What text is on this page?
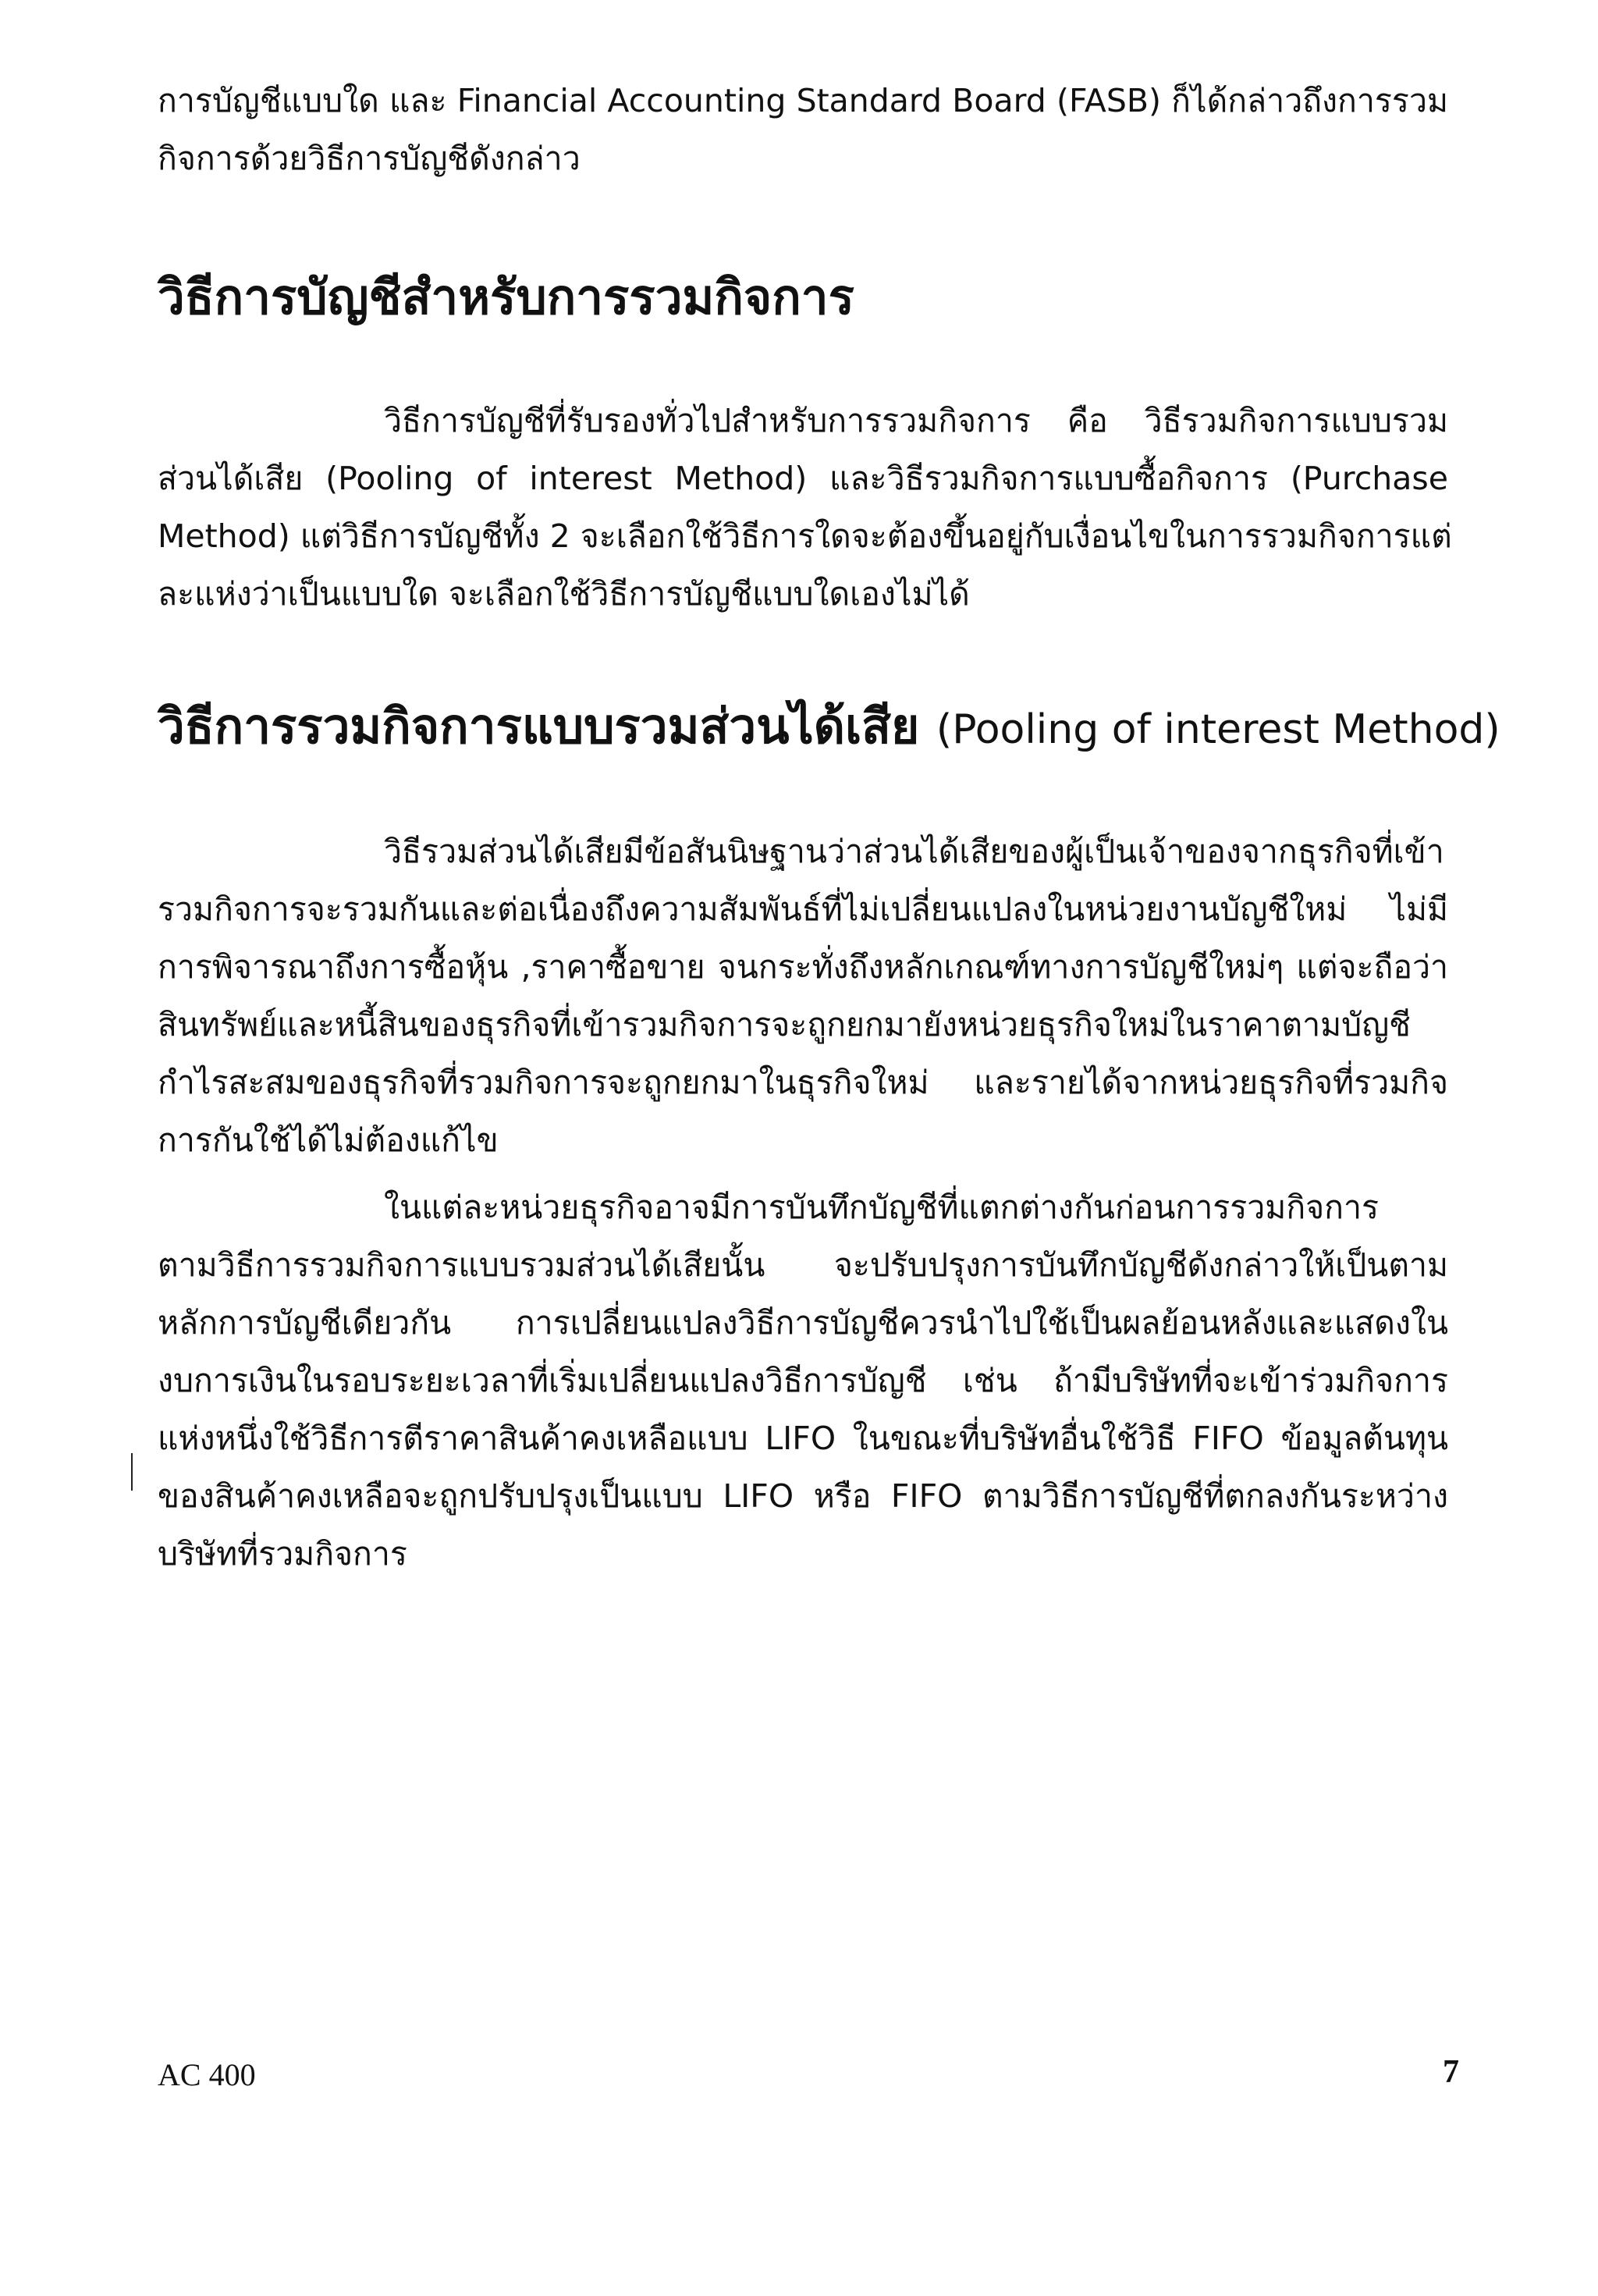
การบัญชีแบบใด และ Financial Accounting Standard Board (FASB) ก็ได้กล่าวถึงการรวม
กิจการด้วยวิธีการบัญชีดังกล่าว
วิธีการบัญชีสำหรับการรวมกิจการ
วิธีการบัญชีที่รับรองทั่วไปสำหรับการรวมกิจการ คือ วิธีรวมกิจการแบบรวม
ส่วนได้เสีย (Pooling of interest Method) และวิธีรวมกิจการแบบซื้อกิจการ (Purchase
Method) แต่วิธีการบัญชีทั้ง 2 จะเลือกใช้วิธีการใดจะต้องขึ้นอยู่กับเงื่อนไขในการรวมกิจการแต่
ละแห่งว่าเป็นแบบใด จะเลือกใช้วิธีการบัญชีแบบใดเองไม่ได้
วิธีการรวมกิจการแบบรวมส่วนได้เสีย (Pooling of interest Method)
วิธีรวมส่วนได้เสียมีข้อสันนิษฐานว่าส่วนได้เสียของผู้เป็นเจ้าของจากธุรกิจที่เข้า
รวมกิจการจะรวมกันและต่อเนื่องถึงความสัมพันธ์ที่ไม่เปลี่ยนแปลงในหน่วยงานบัญชีใหม่ ไม่มี
การพิจารณาถึงการซื้อหุ้น ,ราคาซื้อขาย จนกระทั่งถึงหลักเกณฑ์ทางการบัญชีใหม่ๆ แต่จะถือว่า
สินทรัพย์และหนี้สินของธุรกิจที่เข้ารวมกิจการจะถูกยกมายังหน่วยธุรกิจใหม่ในราคาตามบัญชี
กำไรสะสมของธุรกิจที่รวมกิจการจะถูกยกมาในธุรกิจใหม่ และรายได้จากหน่วยธุรกิจที่รวมกิจ
การกันใช้ได้ไม่ต้องแก้ไข
ในแต่ละหน่วยธุรกิจอาจมีการบันทึกบัญชีที่แตกต่างกันก่อนการรวมกิจการ
ตามวิธีการรวมกิจการแบบรวมส่วนได้เสียนั้น จะปรับปรุงการบันทึกบัญชีดังกล่าวให้เป็นตาม
หลักการบัญชีเดียวกัน การเปลี่ยนแปลงวิธีการบัญชีควรนำไปใช้เป็นผลย้อนหลังและแสดงใน
งบการเงินในรอบระยะเวลาที่เริ่มเปลี่ยนแปลงวิธีการบัญชี เช่น ถ้ามีบริษัทที่จะเข้าร่วมกิจการ
แห่งหนึ่งใช้วิธีการตีราคาสินค้าคงเหลือแบบ LIFO ในขณะที่บริษัทอื่นใช้วิธี FIFO ข้อมูลต้นทุน
ของสินค้าคงเหลือจะถูกปรับปรุงเป็นแบบ LIFO หรือ FIFO ตามวิธีการบัญชีที่ตกลงกันระหว่าง
บริษัทที่รวมกิจการ
AC 400	7
